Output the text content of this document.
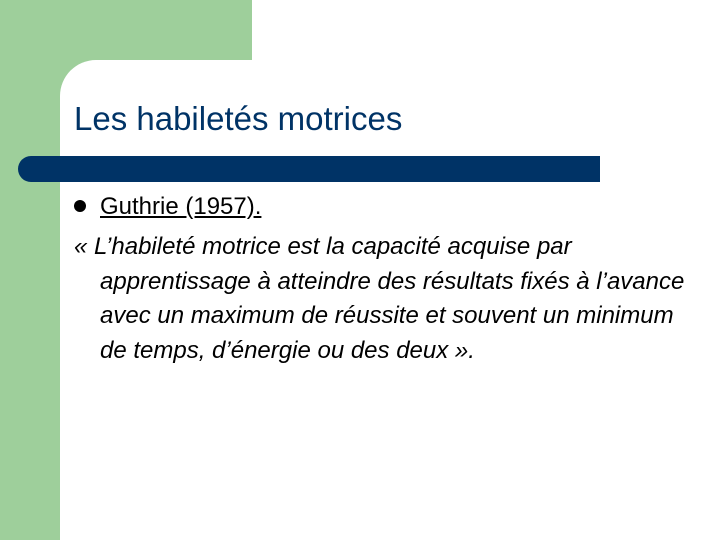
Les habiletés motrices
Guthrie (1957).

« L’habileté motrice est la capacité acquise par apprentissage à atteindre des résultats fixés à l’avance avec un maximum de réussite et souvent un minimum de temps, d’énergie ou des deux ».
